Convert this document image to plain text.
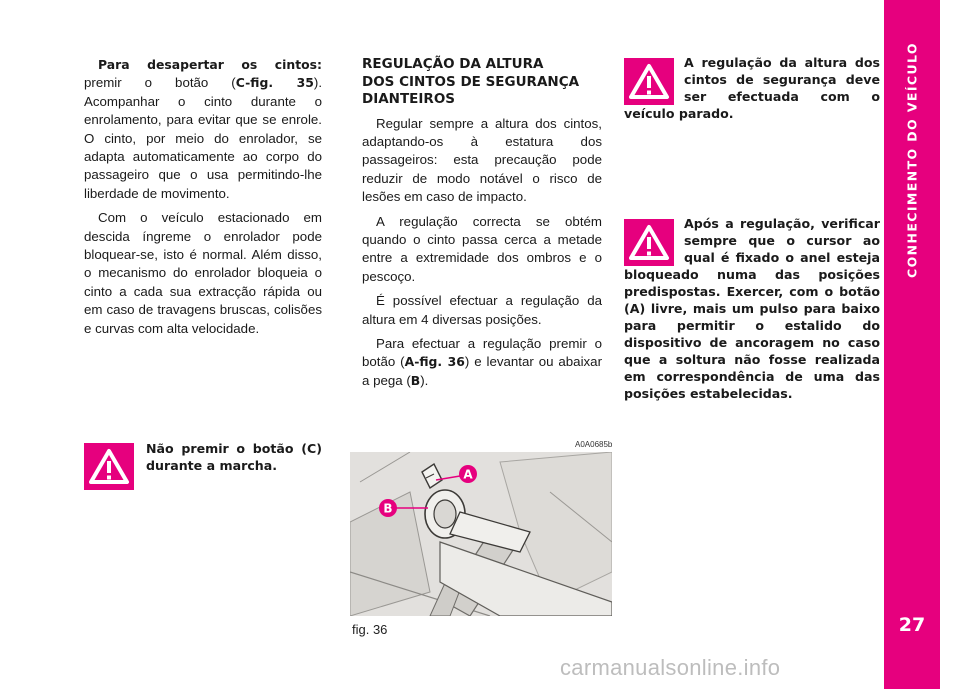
CONHECIMENTO DO VEÍCULO
27

Para desapertar os cintos: premir o botão (C-fig. 35). Acompanhar o cinto durante o enrolamento, para evitar que se enrole. O cinto, por meio do enrolador, se adapta automaticamente ao corpo do passageiro que o usa permitindo-lhe liberdade de movimento.

Com o veículo estacionado em descida íngreme o enrolador pode bloquear-se, isto é normal. Além disso, o mecanismo do enrolador bloqueia o cinto a cada sua extracção rápida ou em caso de travagens bruscas, colisões e curvas com alta velocidade.

Não premir o botão (C) durante a marcha.

REGULAÇÃO DA ALTURA
DOS CINTOS DE SEGURANÇA
DIANTEIROS

Regular sempre a altura dos cintos, adaptando-os à estatura dos passageiros: esta precaução pode reduzir de modo notável o risco de lesões em caso de impacto.

A regulação correcta se obtém quando o cinto passa cerca a metade entre a extremidade dos ombros e o pescoço.

É possível efectuar a regulação da altura em 4 diversas posições.

Para efectuar a regulação premir o botão (A-fig. 36) e levantar ou abaixar a pega (B).

A regulação da altura dos cintos de segurança deve ser efectuada com o veículo parado.
Após a regulação, verificar sempre que o cursor ao qual é fixado o anel esteja bloqueado numa das posições predispostas. Exercer, com o botão (A) livre, mais um pulso para baixo para permitir o estalido do dispositivo de ancoragem no caso que a soltura não fosse realizada em correspondência de uma das posições estabelecidas.
A0A0685b
A
B
fig. 36
carmanualsonline.info
